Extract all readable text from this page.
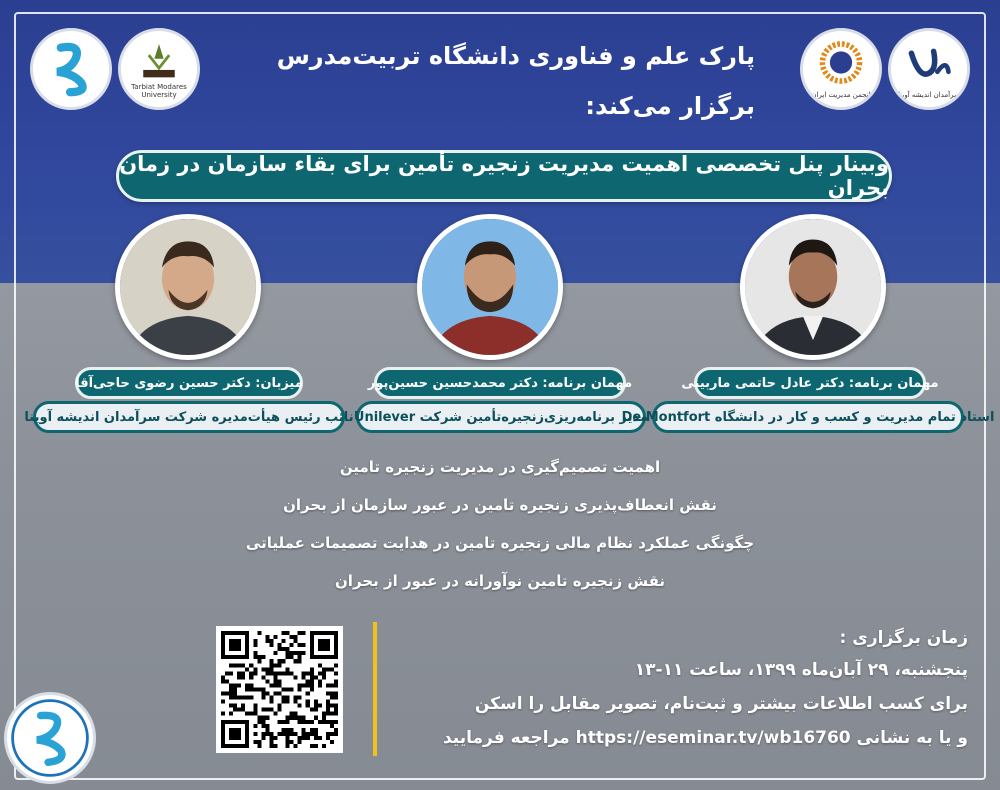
Tarbiat Modares University	انجمن مدیریت ایران	سرآمدان اندیشه آوینا
پارک علم و فناوری دانشگاه تربیت‌مدرس
برگزار می‌کند:
وبینار پنل تخصصی اهمیت مدیریت زنجیره تأمین برای بقاء سازمان در زمان بحران
میزبان: دکتر حسین رضوی حاجی‌آقا
نائب رئیس هیأت‌مدیره شرکت سرآمدان اندیشه آوینا
مهمان برنامه: دکتر محمدحسین حسین‌پور
مدیر برنامه‌ریزی‌زنجیره‌تأمین شرکت Unilever
مهمان برنامه: دکتر عادل حاتمی ماربینی
استاد تمام مدیریت و کسب و کار در دانشگاه De Montfort
اهمیت تصمیم‌گیری در مدیریت زنجیره تامین
نقش انعطاف‌پذیری زنجیره تامین در عبور سازمان از بحران
چگونگی عملکرد نظام مالی زنجیره تامین در هدایت تصمیمات عملیاتی
نقش زنجیره تامین نوآورانه در عبور از بحران
زمان برگزاری :
پنجشنبه، ۲۹ آبان‌ماه ۱۳۹۹، ساعت ۱۱-۱۳
برای کسب اطلاعات بیشتر و ثبت‌نام، تصویر مقابل را اسکن
و یا به نشانی https://eseminar.tv/wb16760 مراجعه فرمایید
